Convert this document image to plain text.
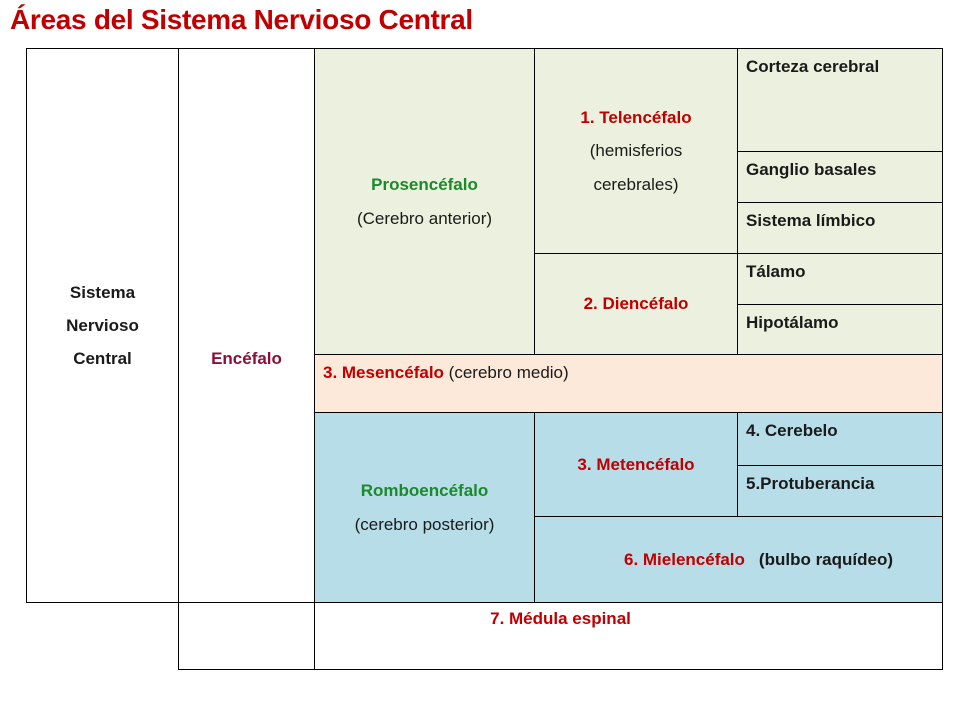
Áreas del Sistema Nervioso Central
Sistema
Nervioso
Central	Encéfalo
Prosencéfalo
(Cerebro anterior)
1. Telencéfalo
(hemisferios
cerebrales)
Corteza cerebral
Ganglio basales
Sistema límbico
2. Diencéfalo
Tálamo
Hipotálamo
3. Mesencéfalo (cerebro medio)
Romboencéfalo
(cerebro posterior)
3. Metencéfalo
4. Cerebelo
5.Protuberancia
6. Mielencéfalo (bulbo raquídeo)
7. Médula espinal
